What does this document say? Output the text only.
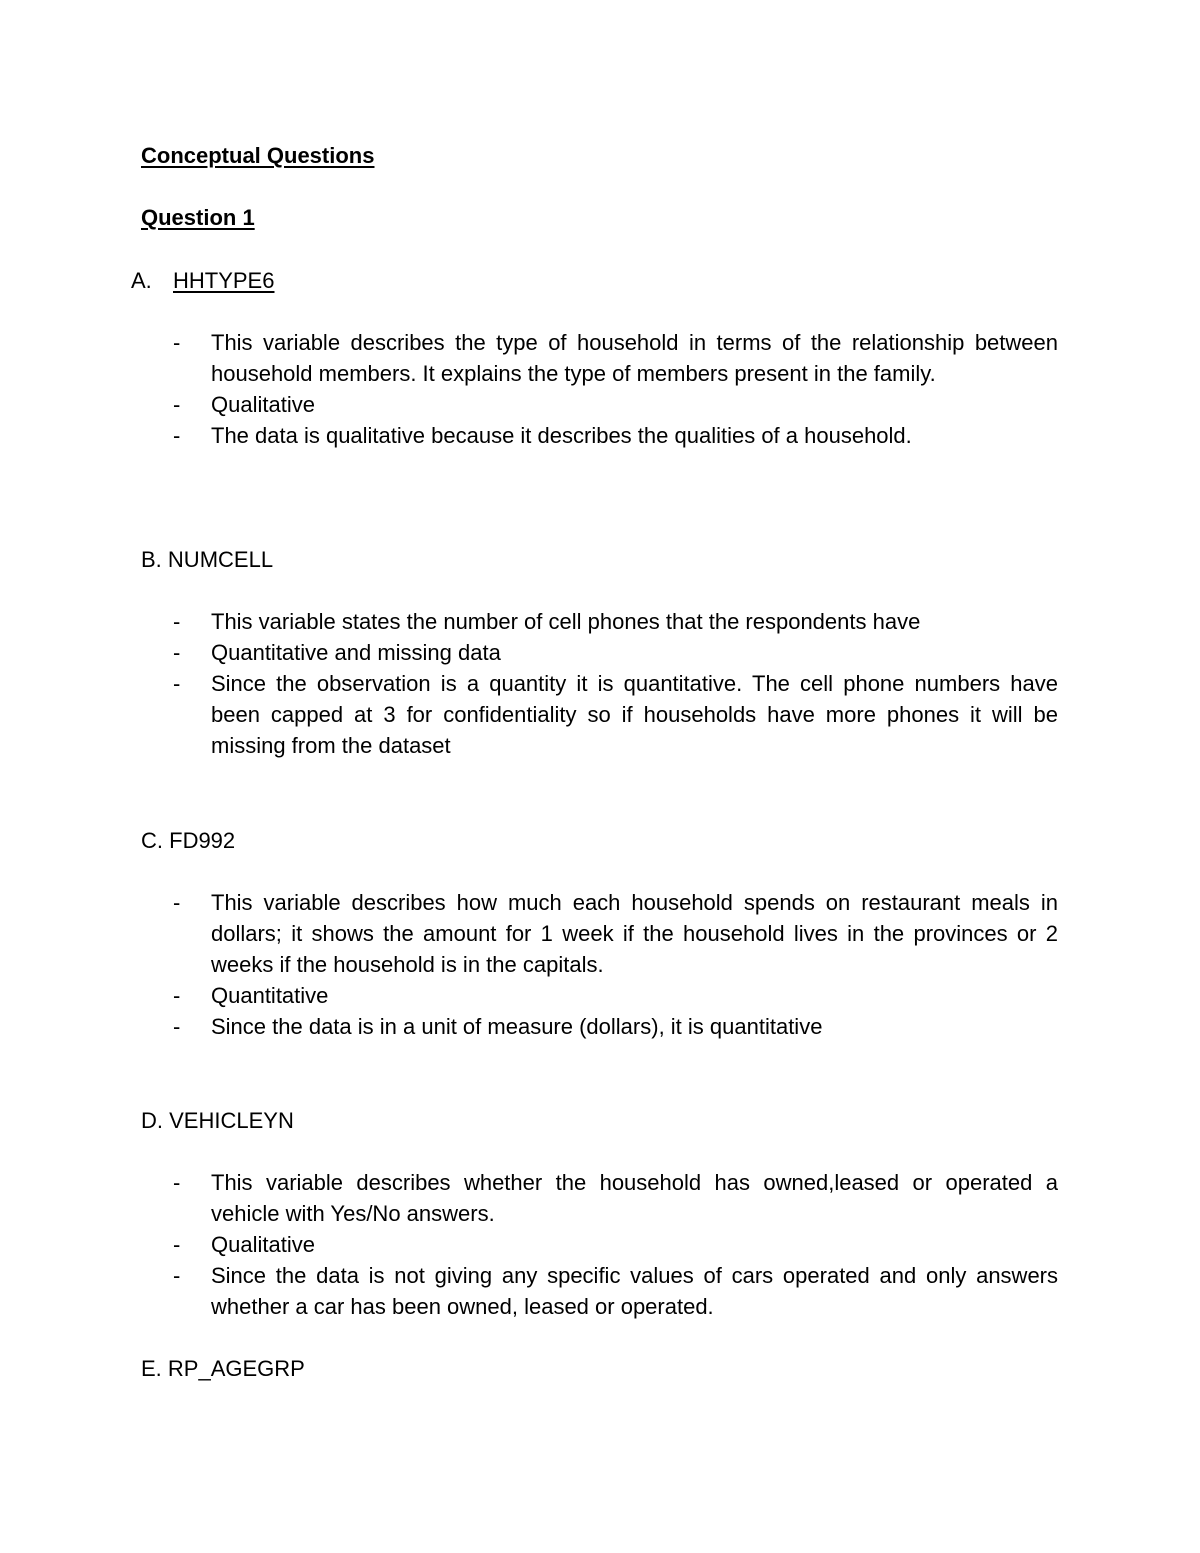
Conceptual Questions
Question 1
A. HHTYPE6
-	This variable describes the type of household in terms of the relationship between household members. It explains the type of members present in the family.
-	Qualitative
-	The data is qualitative because it describes the qualities of a household.
B. NUMCELL
-	This variable states the number of cell phones that the respondents have
-	Quantitative and missing data
-	Since the observation is a quantity it is quantitative. The cell phone numbers have been capped at 3 for confidentiality so if households have more phones it will be missing from the dataset
C. FD992
-	This variable describes how much each household spends on restaurant meals in dollars; it shows the amount for 1 week if the household lives in the provinces or 2 weeks if the household is in the capitals.
-	Quantitative
-	Since the data is in a unit of measure (dollars), it is quantitative
D. VEHICLEYN
-	This variable describes whether the household has owned,leased or operated a vehicle with Yes/No answers.
-	Qualitative
-	Since the data is not giving any specific values of cars operated and only answers whether a car has been owned, leased or operated.
E. RP_AGEGRP
